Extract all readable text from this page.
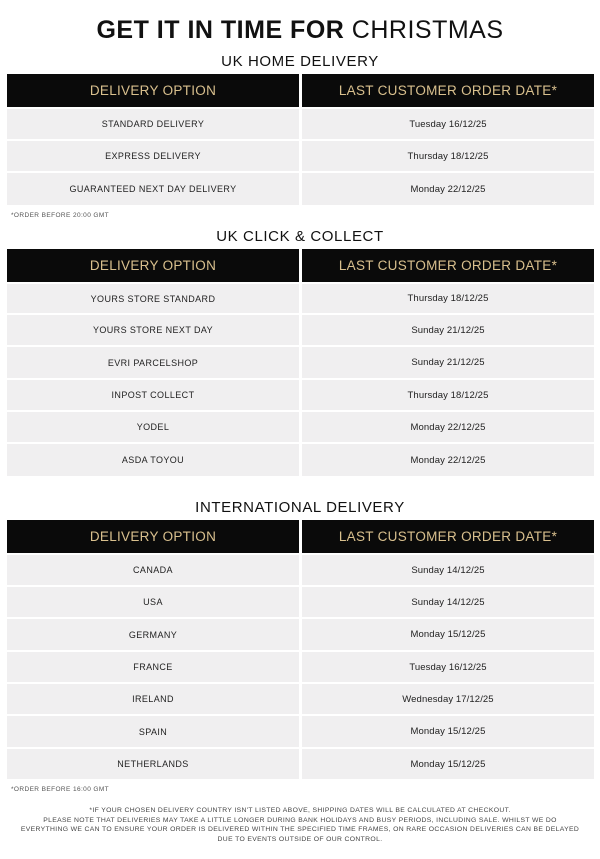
GET IT IN TIME FOR CHRISTMAS
UK HOME DELIVERY
DELIVERY OPTION	LAST CUSTOMER ORDER DATE*
STANDARD DELIVERY	Tuesday 16/12/25
EXPRESS DELIVERY	Thursday 18/12/25
GUARANTEED NEXT DAY DELIVERY	Monday 22/12/25
*ORDER BEFORE 20:00 GMT
UK CLICK & COLLECT
DELIVERY OPTION	LAST CUSTOMER ORDER DATE*
YOURS STORE STANDARD	Thursday 18/12/25
YOURS STORE NEXT DAY	Sunday 21/12/25
EVRI PARCELSHOP	Sunday 21/12/25
INPOST COLLECT	Thursday 18/12/25
YODEL	Monday 22/12/25
ASDA TOYOU	Monday 22/12/25
INTERNATIONAL DELIVERY
DELIVERY OPTION	LAST CUSTOMER ORDER DATE*
CANADA	Sunday 14/12/25
USA	Sunday 14/12/25
GERMANY	Monday 15/12/25
FRANCE	Tuesday 16/12/25
IRELAND	Wednesday 17/12/25
SPAIN	Monday 15/12/25
NETHERLANDS	Monday 15/12/25
*ORDER BEFORE 16:00 GMT
*IF YOUR CHOSEN DELIVERY COUNTRY ISN'T LISTED ABOVE, SHIPPING DATES WILL BE CALCULATED AT CHECKOUT.
PLEASE NOTE THAT DELIVERIES MAY TAKE A LITTLE LONGER DURING BANK HOLIDAYS AND BUSY PERIODS, INCLUDING SALE. WHILST WE DO EVERYTHING WE CAN TO ENSURE YOUR ORDER IS DELIVERED WITHIN THE SPECIFIED TIME FRAMES, ON RARE OCCASION DELIVERIES CAN BE DELAYED DUE TO EVENTS OUTSIDE OF OUR CONTROL.
